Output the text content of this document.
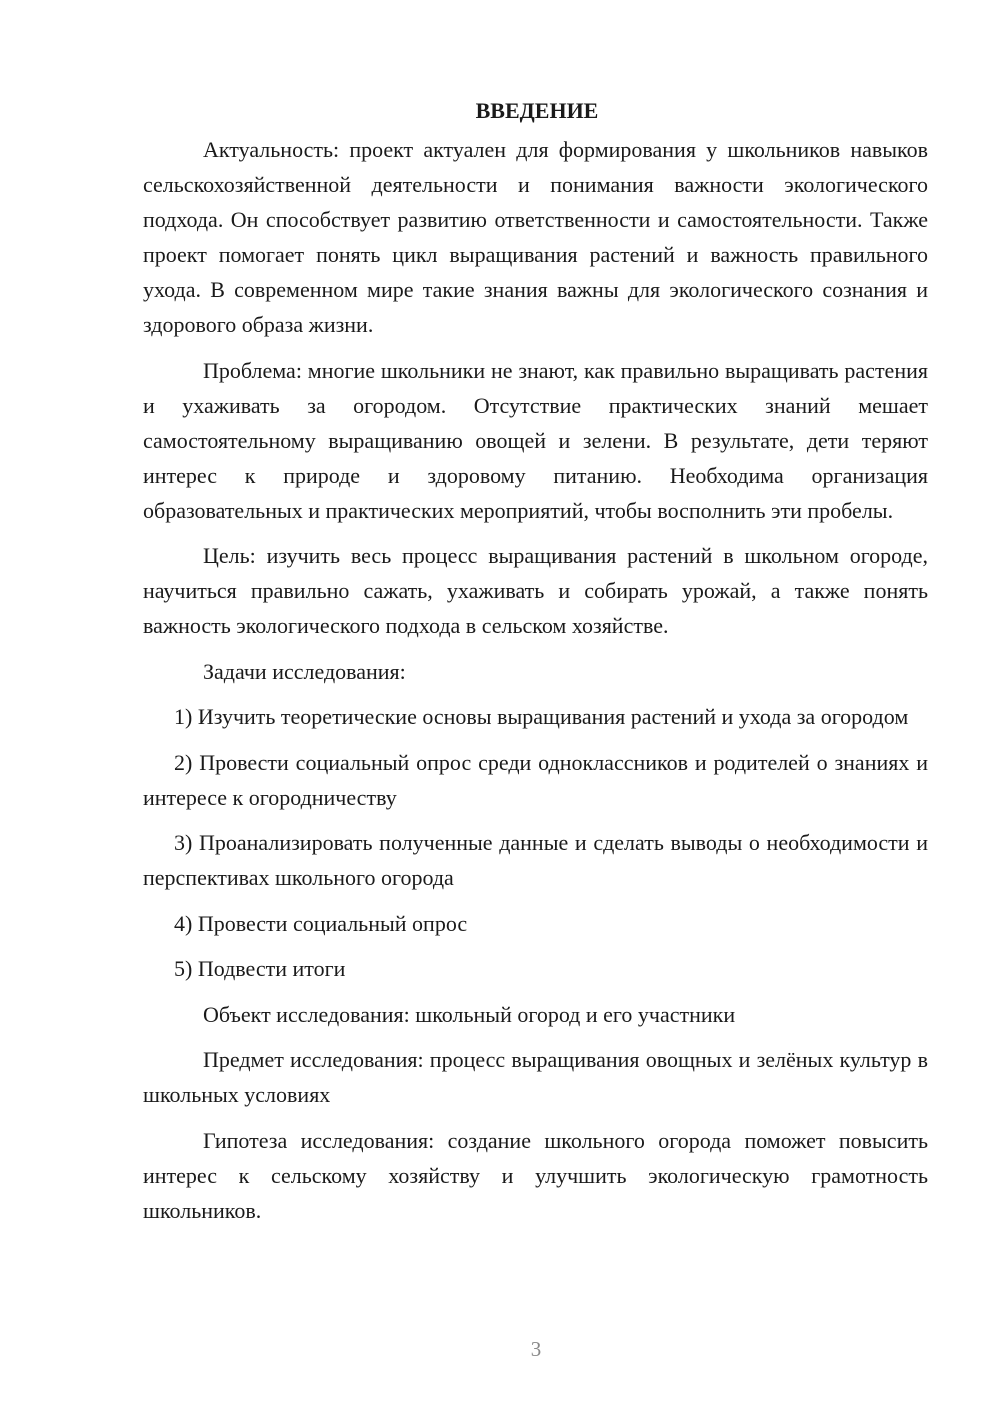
ВВЕДЕНИЕ

Актуальность: проект актуален для формирования у школьников навыков сельскохозяйственной деятельности и понимания важности экологического подхода. Он способствует развитию ответственности и самостоятельности. Также проект помогает понять цикл выращивания растений и важность правильного ухода. В современном мире такие знания важны для экологического сознания и здорового образа жизни.

Проблема: многие школьники не знают, как правильно выращивать растения и ухаживать за огородом. Отсутствие практических знаний мешает самостоятельному выращиванию овощей и зелени. В результате, дети теряют интерес к природе и здоровому питанию. Необходима организация образовательных и практических мероприятий, чтобы восполнить эти пробелы.

Цель: изучить весь процесс выращивания растений в школьном огороде, научиться правильно сажать, ухаживать и собирать урожай, а также понять важность экологического подхода в сельском хозяйстве.

Задачи исследования:

1) Изучить теоретические основы выращивания растений и ухода за огородом

2) Провести социальный опрос среди одноклассников и родителей о знаниях и интересе к огородничеству

3) Проанализировать полученные данные и сделать выводы о необходимости и перспективах школьного огорода

4) Провести социальный опрос

5) Подвести итоги

Объект исследования: школьный огород и его участники

Предмет исследования: процесс выращивания овощных и зелёных культур в школьных условиях

Гипотеза исследования: создание школьного огорода поможет повысить интерес к сельскому хозяйству и улучшить экологическую грамотность школьников.

3
